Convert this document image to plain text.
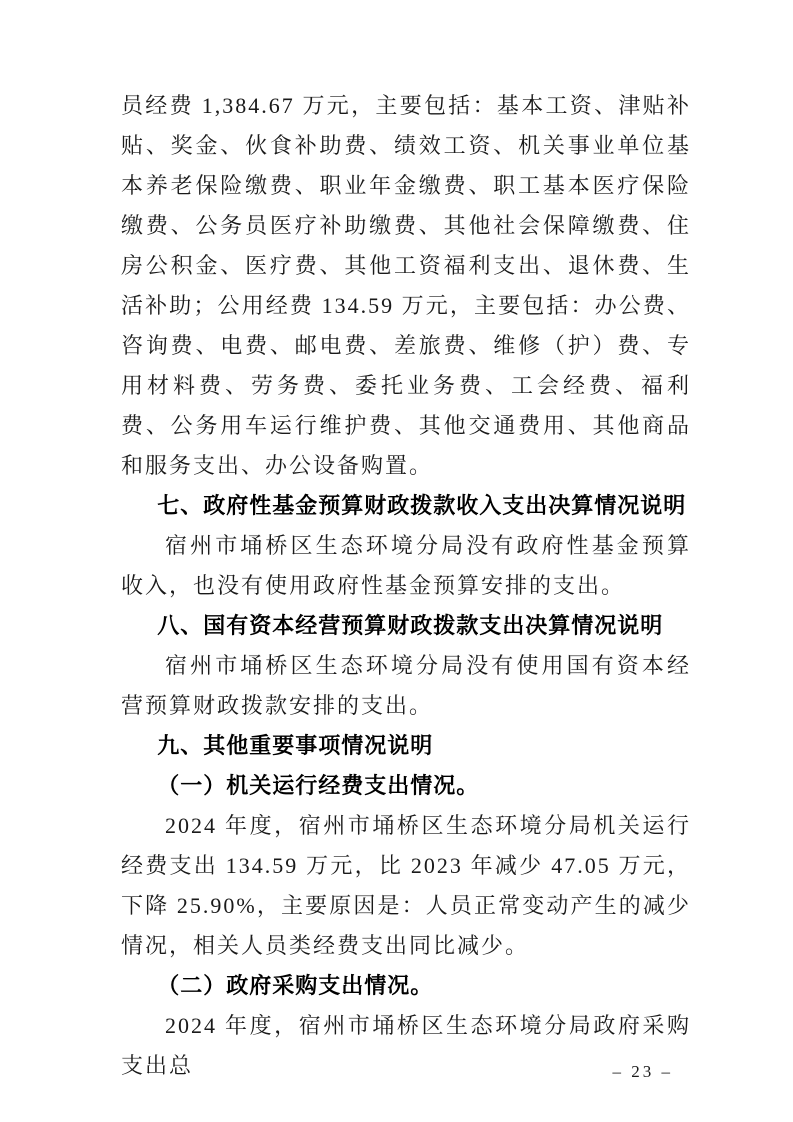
员经费 1,384.67 万元，主要包括：基本工资、津贴补贴、奖金、伙食补助费、绩效工资、机关事业单位基本养老保险缴费、职业年金缴费、职工基本医疗保险缴费、公务员医疗补助缴费、其他社会保障缴费、住房公积金、医疗费、其他工资福利支出、退休费、生活补助；公用经费 134.59 万元，主要包括：办公费、咨询费、电费、邮电费、差旅费、维修（护）费、专用材料费、劳务费、委托业务费、工会经费、福利费、公务用车运行维护费、其他交通费用、其他商品和服务支出、办公设备购置。

七、政府性基金预算财政拨款收入支出决算情况说明

宿州市埇桥区生态环境分局没有政府性基金预算收入，也没有使用政府性基金预算安排的支出。

八、国有资本经营预算财政拨款支出决算情况说明

宿州市埇桥区生态环境分局没有使用国有资本经营预算财政拨款安排的支出。

九、其他重要事项情况说明

（一）机关运行经费支出情况。

2024 年度，宿州市埇桥区生态环境分局机关运行经费支出 134.59 万元，比 2023 年减少 47.05 万元，下降 25.90%，主要原因是：人员正常变动产生的减少情况，相关人员类经费支出同比减少。

（二）政府采购支出情况。

2024 年度，宿州市埇桥区生态环境分局政府采购支出总	– 23 –
